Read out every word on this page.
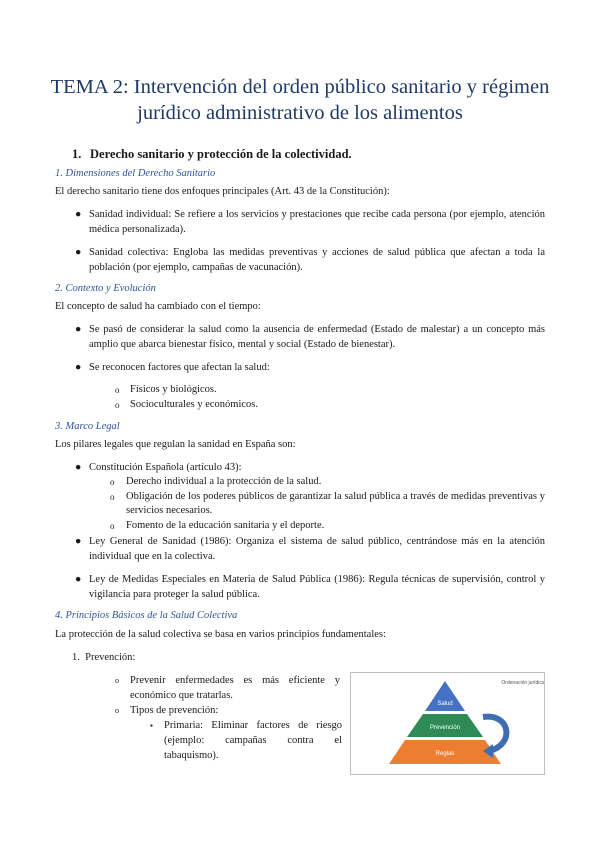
TEMA 2: Intervención del orden público sanitario y régimen
jurídico administrativo de los alimentos
1. Derecho sanitario y protección de la colectividad.
1. Dimensiones del Derecho Sanitario
El derecho sanitario tiene dos enfoques principales (Art. 43 de la Constitución):
● Sanidad individual: Se refiere a los servicios y prestaciones que recibe cada persona (por ejemplo, atención médica personalizada).
● Sanidad colectiva: Engloba las medidas preventivas y acciones de salud pública que afectan a toda la población (por ejemplo, campañas de vacunación).
2. Contexto y Evolución
El concepto de salud ha cambiado con el tiempo:
● Se pasó de considerar la salud como la ausencia de enfermedad (Estado de malestar) a un concepto más amplio que abarca bienestar físico, mental y social (Estado de bienestar).
● Se reconocen factores que afectan la salud:
o Físicos y biológicos.
o Socioculturales y económicos.
3. Marco Legal
Los pilares legales que regulan la sanidad en España son:
● Constitución Española (artículo 43):
o Derecho individual a la protección de la salud.
o Obligación de los poderes públicos de garantizar la salud pública a través de medidas preventivas y servicios necesarios.
o Fomento de la educación sanitaria y el deporte.
● Ley General de Sanidad (1986): Organiza el sistema de salud público, centrándose más en la atención individual que en la colectiva.
● Ley de Medidas Especiales en Materia de Salud Pública (1986): Regula técnicas de supervisión, control y vigilancia para proteger la salud pública.
4. Principios Básicos de la Salud Colectiva
La protección de la salud colectiva se basa en varios principios fundamentales:
1. Prevención:
o Prevenir enfermedades es más eficiente y económico que tratarlas.
o Tipos de prevención:
▪ Primaria: Eliminar factores de riesgo (ejemplo: campañas contra el tabaquismo).
Salud
Prevención
Reglas
Ordenación jurídica
